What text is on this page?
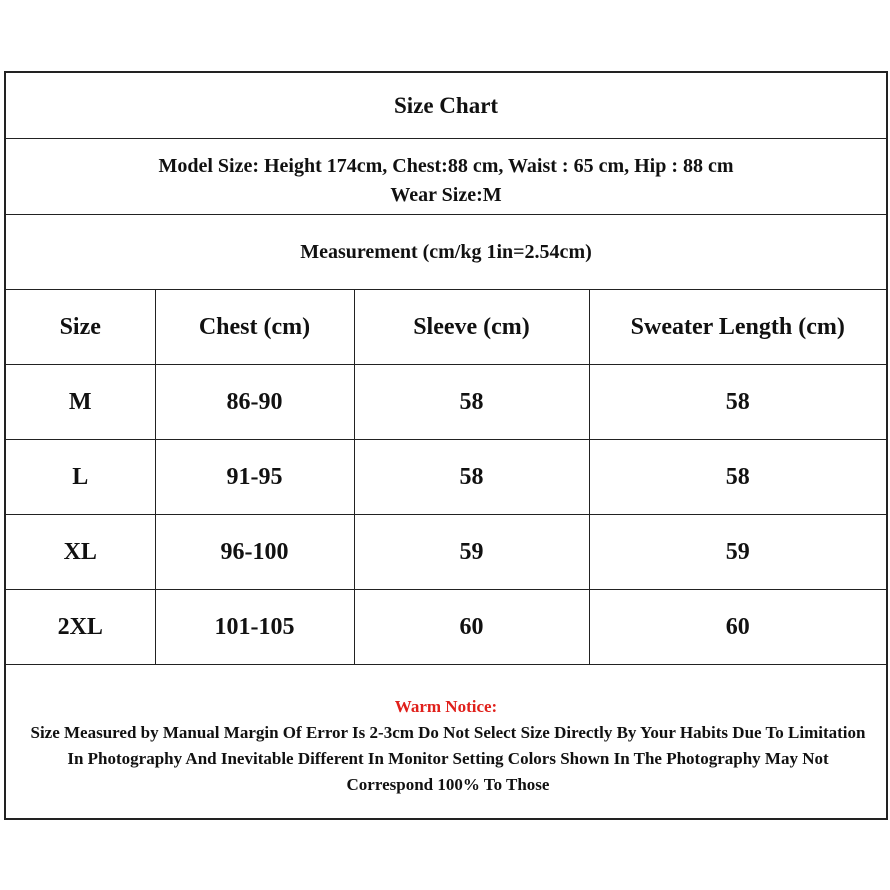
Size Chart
Model Size: Height 174cm, Chest:88 cm, Waist : 65 cm, Hip : 88 cm
Wear Size:M
Measurement (cm/kg 1in=2.54cm)
Size	Chest (cm)	Sleeve (cm)	Sweater Length (cm)
M	86-90	58	58
L	91-95	58	58
XL	96-100	59	59
2XL	101-105	60	60
Warm Notice:
Size Measured by Manual Margin Of Error Is 2-3cm Do Not Select Size Directly By Your Habits Due To Limitation In Photography And Inevitable Different In Monitor Setting Colors Shown In The Photography May Not Correspond 100% To Those
